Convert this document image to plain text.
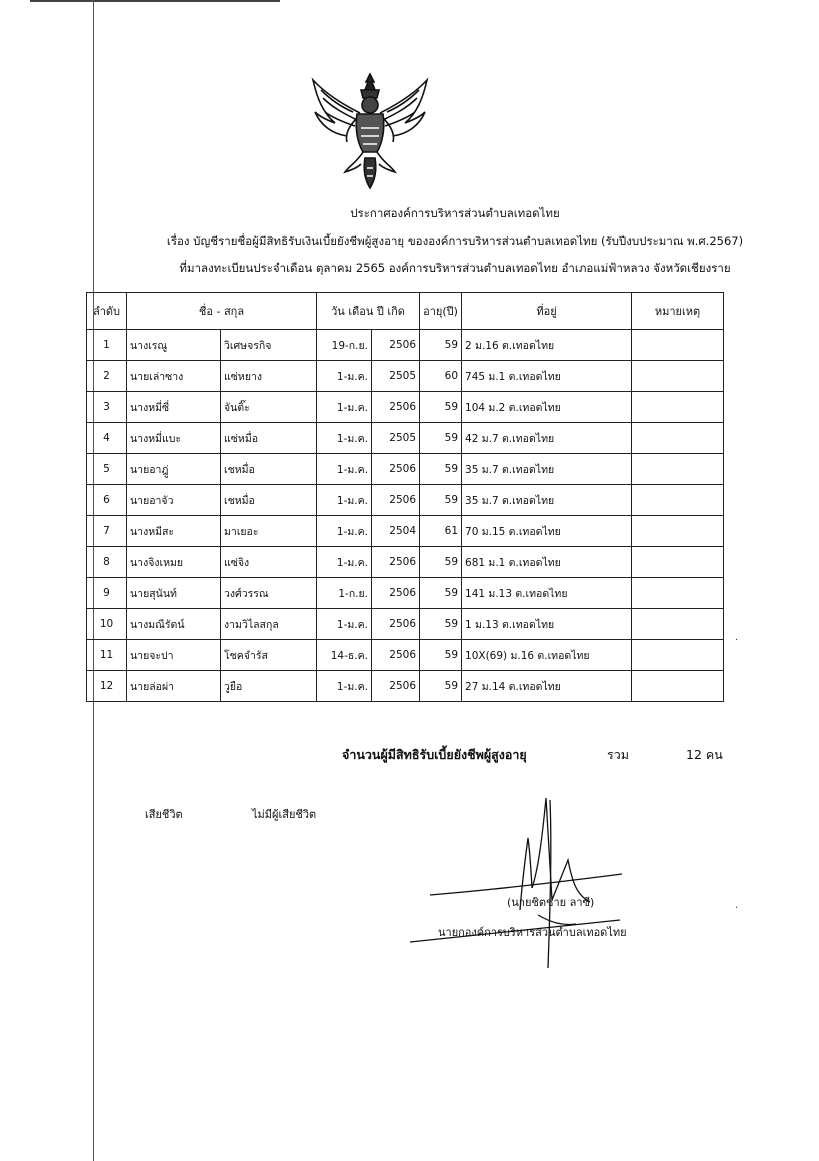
ประกาศองค์การบริหารส่วนตำบลเทอดไทย
เรื่อง บัญชีรายชื่อผู้มีสิทธิรับเงินเบี้ยยังชีพผู้สูงอายุ ขององค์การบริหารส่วนตำบลเทอดไทย (รับปีงบประมาณ พ.ศ.2567)
ที่มาลงทะเบียนประจำเดือน ตุลาคม 2565 องค์การบริหารส่วนตำบลเทอดไทย อำเภอแม่ฟ้าหลวง จังหวัดเชียงราย
ลำดับ	ชื่อ - สกุล		วัน เดือน ปี เกิด		อายุ(ปี)	ที่อยู่	หมายเหตุ
1	นางเรณู	วิเศษจรกิจ	19-ก.ย.	2506	59	2 ม.16 ต.เทอดไทย	
2	นายเล่าซาง	แซ่หยาง	1-ม.ค.	2505	60	745 ม.1 ต.เทอดไทย	
3	นางหมี่ซี่	จันติ๊ะ	1-ม.ค.	2506	59	104 ม.2 ต.เทอดไทย	
4	นางหมี่แบะ	แซ่หมื่อ	1-ม.ค.	2505	59	42 ม.7 ต.เทอดไทย	
5	นายอาฎู่	เชหมื่อ	1-ม.ค.	2506	59	35 ม.7 ต.เทอดไทย	
6	นายอาจัว	เชหมื่อ	1-ม.ค.	2506	59	35 ม.7 ต.เทอดไทย	
7	นางหมีสะ	มาเยอะ	1-ม.ค.	2504	61	70 ม.15 ต.เทอดไทย	
8	นางจิงเหมย	แซ่จิง	1-ม.ค.	2506	59	681 ม.1 ต.เทอดไทย	
9	นายสุนันท์	วงศ์วรรณ	1-ก.ย.	2506	59	141 ม.13 ต.เทอดไทย	
10	นางมณีรัตน์	งามวิไลสกุล	1-ม.ค.	2506	59	1 ม.13 ต.เทอดไทย	
11	นายจะปา	โชคจำรัส	14-ธ.ค.	2506	59	10X(69) ม.16 ต.เทอดไทย	
12	นายล่อผ่า	วูยือ	1-ม.ค.	2506	59	27 ม.14 ต.เทอดไทย	
จำนวนผู้มีสิทธิรับเบี้ยยังชีพผู้สูงอายุ	รวม	12 คน
เสียชีวิต	ไม่มีผู้เสียชีวิต
(นายชิตชาย ลาซี)
นายกองค์การบริหารส่วนตำบลเทอดไทย
.
.
